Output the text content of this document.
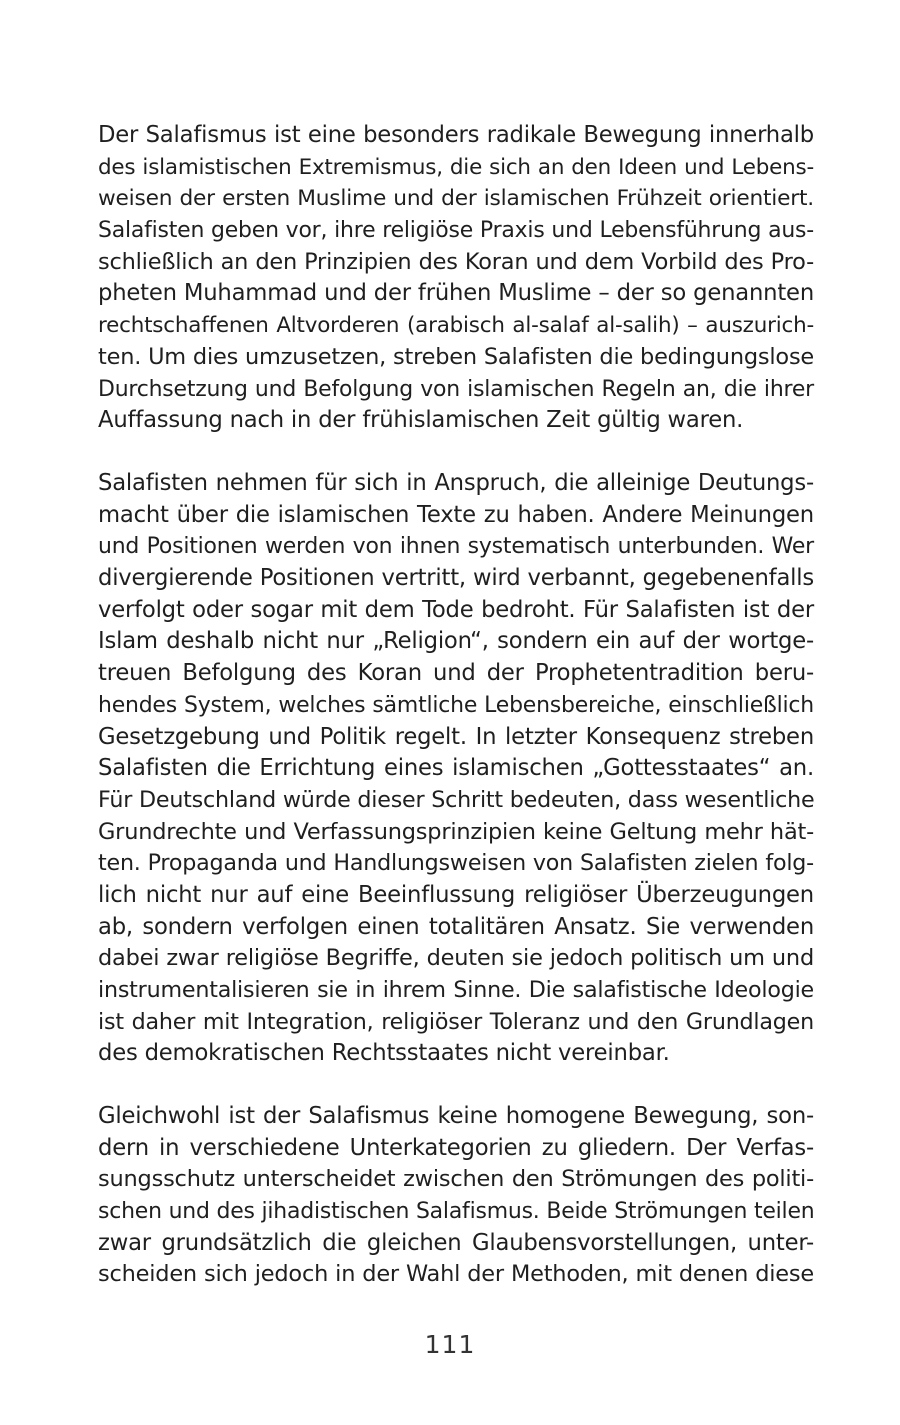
Der Salafismus ist eine besonders radikale Bewegung innerhalb
des islamistischen Extremismus, die sich an den Ideen und Lebens-
weisen der ersten Muslime und der islamischen Frühzeit orientiert.
Salafisten geben vor, ihre religiöse Praxis und Lebensführung aus-
schließlich an den Prinzipien des Koran und dem Vorbild des Pro-
pheten Muhammad und der frühen Muslime – der so genannten
rechtschaffenen Altvorderen (arabisch al-salaf al-salih) – auszurich-
ten. Um dies umzusetzen, streben Salafisten die bedingungslose
Durchsetzung und Befolgung von islamischen Regeln an, die ihrer
Auffassung nach in der frühislamischen Zeit gültig waren.
Salafisten nehmen für sich in Anspruch, die alleinige Deutungs-
macht über die islamischen Texte zu haben. Andere Meinungen
und Positionen werden von ihnen systematisch unterbunden. Wer
divergierende Positionen vertritt, wird verbannt, gegebenenfalls
verfolgt oder sogar mit dem Tode bedroht. Für Salafisten ist der
Islam deshalb nicht nur „Religion“, sondern ein auf der wortge-
treuen Befolgung des Koran und der Prophetentradition beru-
hendes System, welches sämtliche Lebensbereiche, einschließlich
Gesetzgebung und Politik regelt. In letzter Konsequenz streben
Salafisten die Errichtung eines islamischen „Gottesstaates“ an.
Für Deutschland würde dieser Schritt bedeuten, dass wesentliche
Grundrechte und Verfassungsprinzipien keine Geltung mehr hät-
ten. Propaganda und Handlungsweisen von Salafisten zielen folg-
lich nicht nur auf eine Beeinflussung religiöser Überzeugungen
ab, sondern verfolgen einen totalitären Ansatz. Sie verwenden
dabei zwar religiöse Begriffe, deuten sie jedoch politisch um und
instrumentalisieren sie in ihrem Sinne. Die salafistische Ideologie
ist daher mit Integration, religiöser Toleranz und den Grundlagen
des demokratischen Rechtsstaates nicht vereinbar.
Gleichwohl ist der Salafismus keine homogene Bewegung, son-
dern in verschiedene Unterkategorien zu gliedern. Der Verfas-
sungsschutz unterscheidet zwischen den Strömungen des politi-
schen und des jihadistischen Salafismus. Beide Strömungen teilen
zwar grundsätzlich die gleichen Glaubensvorstellungen, unter-
scheiden sich jedoch in der Wahl der Methoden, mit denen diese
111
